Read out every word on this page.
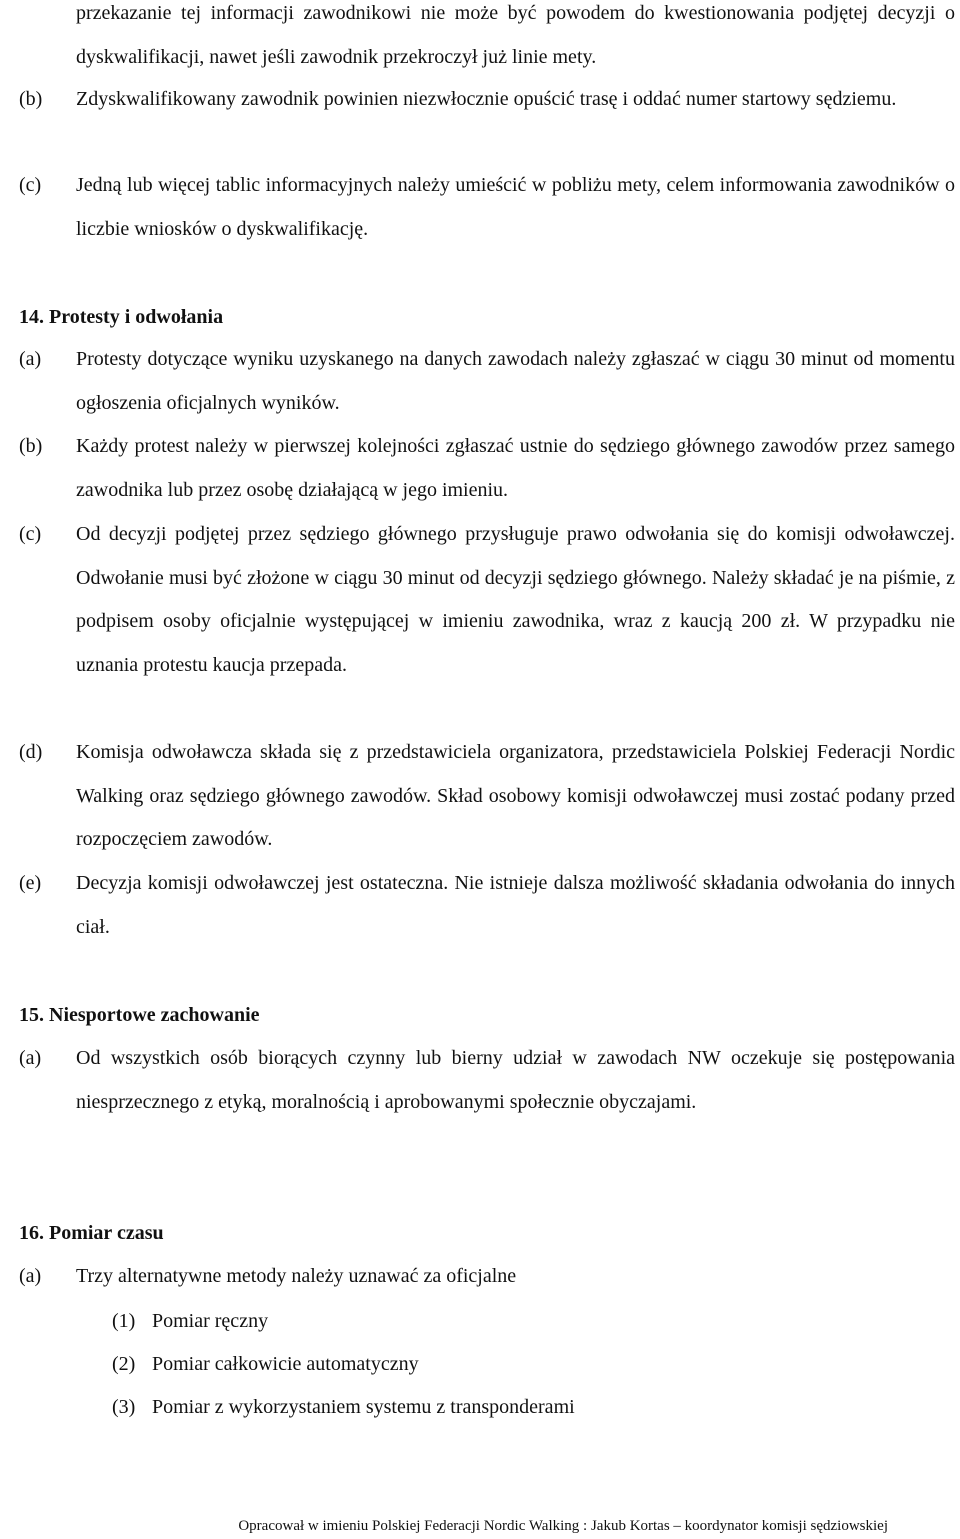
przekazanie tej informacji zawodnikowi nie może być powodem do kwestionowania podjętej decyzji o dyskwalifikacji, nawet jeśli zawodnik przekroczył już linie mety.
(b) Zdyskwalifikowany zawodnik powinien niezwłocznie opuścić trasę i oddać numer startowy sędziemu.
(c) Jedną lub więcej tablic informacyjnych należy umieścić w pobliżu mety, celem informowania zawodników o liczbie wniosków o dyskwalifikację.
14. Protesty i odwołania
(a) Protesty dotyczące wyniku uzyskanego na danych zawodach należy zgłaszać w ciągu 30 minut od momentu ogłoszenia oficjalnych wyników.
(b) Każdy protest należy w pierwszej kolejności zgłaszać ustnie do sędziego głównego zawodów przez samego zawodnika lub przez osobę działającą w jego imieniu.
(c) Od decyzji podjętej przez sędziego głównego przysługuje prawo odwołania się do komisji odwoławczej. Odwołanie musi być złożone w ciągu 30 minut od decyzji sędziego głównego. Należy składać je na piśmie, z podpisem osoby oficjalnie występującej w imieniu zawodnika, wraz z kaucją 200 zł. W przypadku nie uznania protestu kaucja przepada.
(d) Komisja odwoławcza składa się z przedstawiciela organizatora, przedstawiciela Polskiej Federacji Nordic Walking oraz sędziego głównego zawodów. Skład osobowy komisji odwoławczej musi zostać podany przed rozpoczęciem zawodów.
(e) Decyzja komisji odwoławczej jest ostateczna. Nie istnieje dalsza możliwość składania odwołania do innych ciał.
15. Niesportowe zachowanie
(a) Od wszystkich osób biorących czynny lub bierny udział w zawodach NW oczekuje się postępowania niesprzecznego z etyką, moralnością i aprobowanymi społecznie obyczajami.
16. Pomiar czasu
(a) Trzy alternatywne metody należy uznawać za oficjalne
(1) Pomiar ręczny
(2) Pomiar całkowicie automatyczny
(3) Pomiar z wykorzystaniem systemu z transponderami
Opracował w imieniu Polskiej Federacji Nordic Walking : Jakub Kortas – koordynator komisji sędziowskiej
